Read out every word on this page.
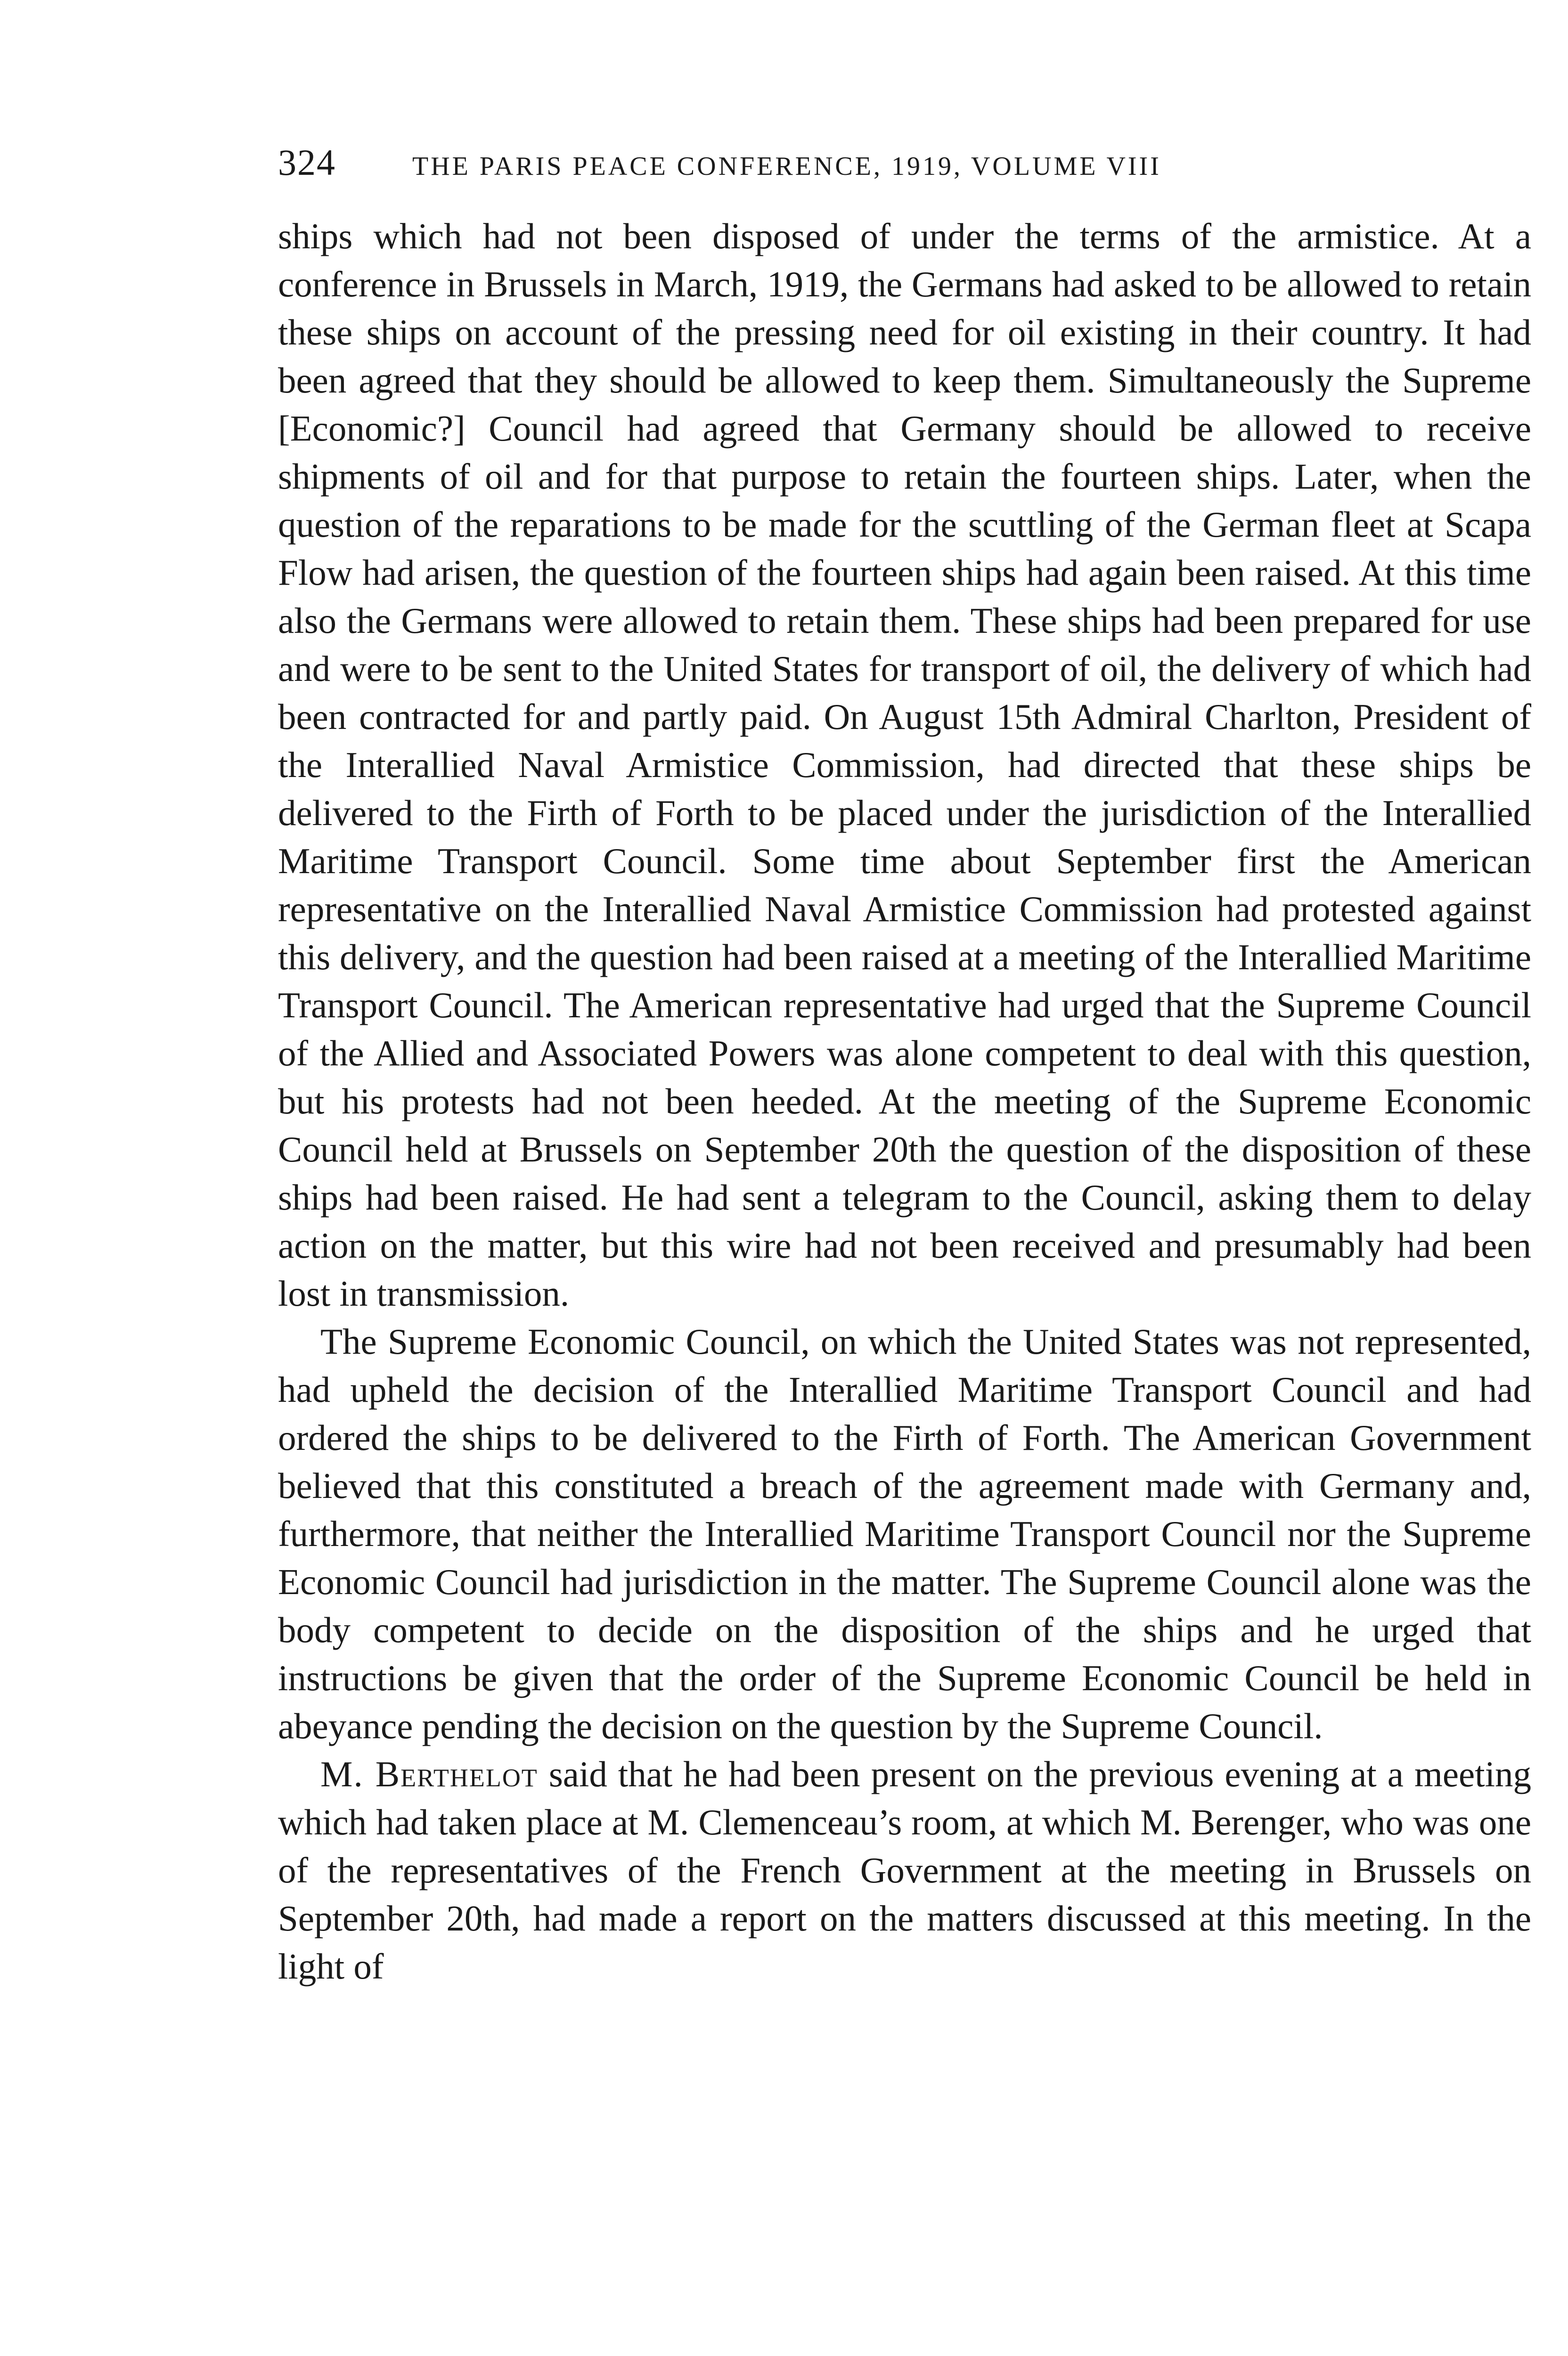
324	THE PARIS PEACE CONFERENCE, 1919, VOLUME VIII

ships which had not been disposed of under the terms of the armistice. At a conference in Brussels in March, 1919, the Germans had asked to be allowed to retain these ships on account of the pressing need for oil existing in their country. It had been agreed that they should be allowed to keep them. Simultaneously the Supreme [Economic?] Council had agreed that Germany should be allowed to receive shipments of oil and for that purpose to retain the fourteen ships. Later, when the question of the reparations to be made for the scuttling of the German fleet at Scapa Flow had arisen, the question of the fourteen ships had again been raised. At this time also the Germans were allowed to retain them. These ships had been prepared for use and were to be sent to the United States for transport of oil, the delivery of which had been contracted for and partly paid. On August 15th Admiral Charlton, President of the Interallied Naval Armistice Commission, had directed that these ships be delivered to the Firth of Forth to be placed under the jurisdiction of the Interallied Maritime Transport Council. Some time about September first the American representative on the Interallied Naval Armistice Commission had protested against this delivery, and the question had been raised at a meeting of the Interallied Maritime Transport Council. The American representative had urged that the Supreme Council of the Allied and Associated Powers was alone competent to deal with this question, but his protests had not been heeded. At the meeting of the Supreme Economic Council held at Brussels on September 20th the question of the disposition of these ships had been raised. He had sent a telegram to the Council, asking them to delay action on the matter, but this wire had not been received and presumably had been lost in transmission.

The Supreme Economic Council, on which the United States was not represented, had upheld the decision of the Interallied Maritime Transport Council and had ordered the ships to be delivered to the Firth of Forth. The American Government believed that this constituted a breach of the agreement made with Germany and, furthermore, that neither the Interallied Maritime Transport Council nor the Supreme Economic Council had jurisdiction in the matter. The Supreme Council alone was the body competent to decide on the disposition of the ships and he urged that instructions be given that the order of the Supreme Economic Council be held in abeyance pending the decision on the question by the Supreme Council.

M. Berthelot said that he had been present on the previous evening at a meeting which had taken place at M. Clemenceau’s room, at which M. Berenger, who was one of the representatives of the French Government at the meeting in Brussels on September 20th, had made a report on the matters discussed at this meeting. In the light of
